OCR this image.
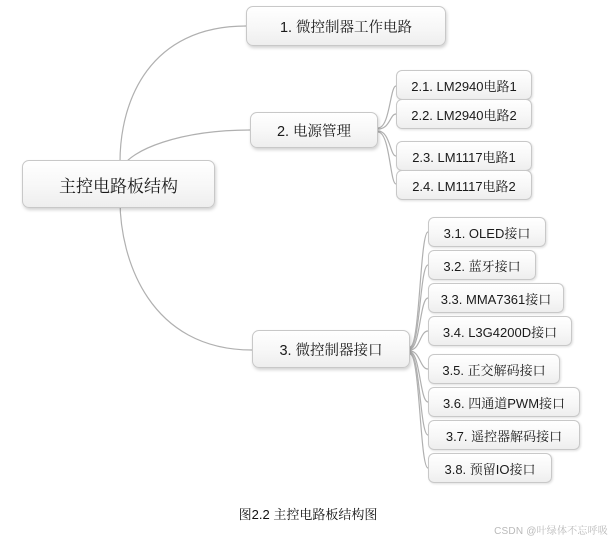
主控电路板结构
1. 微控制器工作电路
2. 电源管理
3. 微控制器接口
2.1. LM2940电路1
2.2. LM2940电路2
2.3. LM1117电路1
2.4. LM1117电路2
3.1. OLED接口
3.2. 蓝牙接口
3.3. MMA7361接口
3.4. L3G4200D接口
3.5. 正交解码接口
3.6. 四通道PWM接口
3.7. 遥控器解码接口
3.8. 预留IO接口
图2.2 主控电路板结构图
CSDN @叶绿体不忘呼吸
